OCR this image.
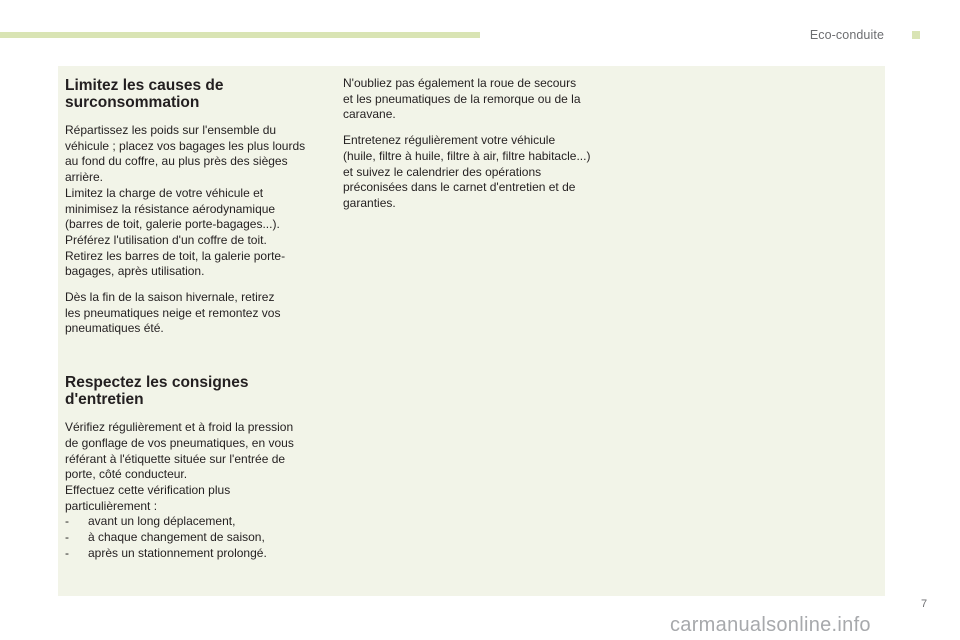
Eco-conduite
Limitez les causes de
surconsommation

Répartissez les poids sur l'ensemble du
véhicule ; placez vos bagages les plus lourds
au fond du coffre, au plus près des sièges
arrière.
Limitez la charge de votre véhicule et
minimisez la résistance aérodynamique
(barres de toit, galerie porte-bagages...).
Préférez l'utilisation d'un coffre de toit.
Retirez les barres de toit, la galerie porte-
bagages, après utilisation.

Dès la fin de la saison hivernale, retirez
les pneumatiques neige et remontez vos
pneumatiques été.

Respectez les consignes
d'entretien

Vérifiez régulièrement et à froid la pression
de gonflage de vos pneumatiques, en vous
référant à l'étiquette située sur l'entrée de
porte, côté conducteur.
Effectuez cette vérification plus
particulièrement :

-	avant un long déplacement,
-	à chaque changement de saison,
-	après un stationnement prolongé.

N'oubliez pas également la roue de secours
et les pneumatiques de la remorque ou de la
caravane.

Entretenez régulièrement votre véhicule
(huile, filtre à huile, filtre à air, filtre habitacle...)
et suivez le calendrier des opérations
préconisées dans le carnet d'entretien et de
garanties.

7
carmanualsonline.info
